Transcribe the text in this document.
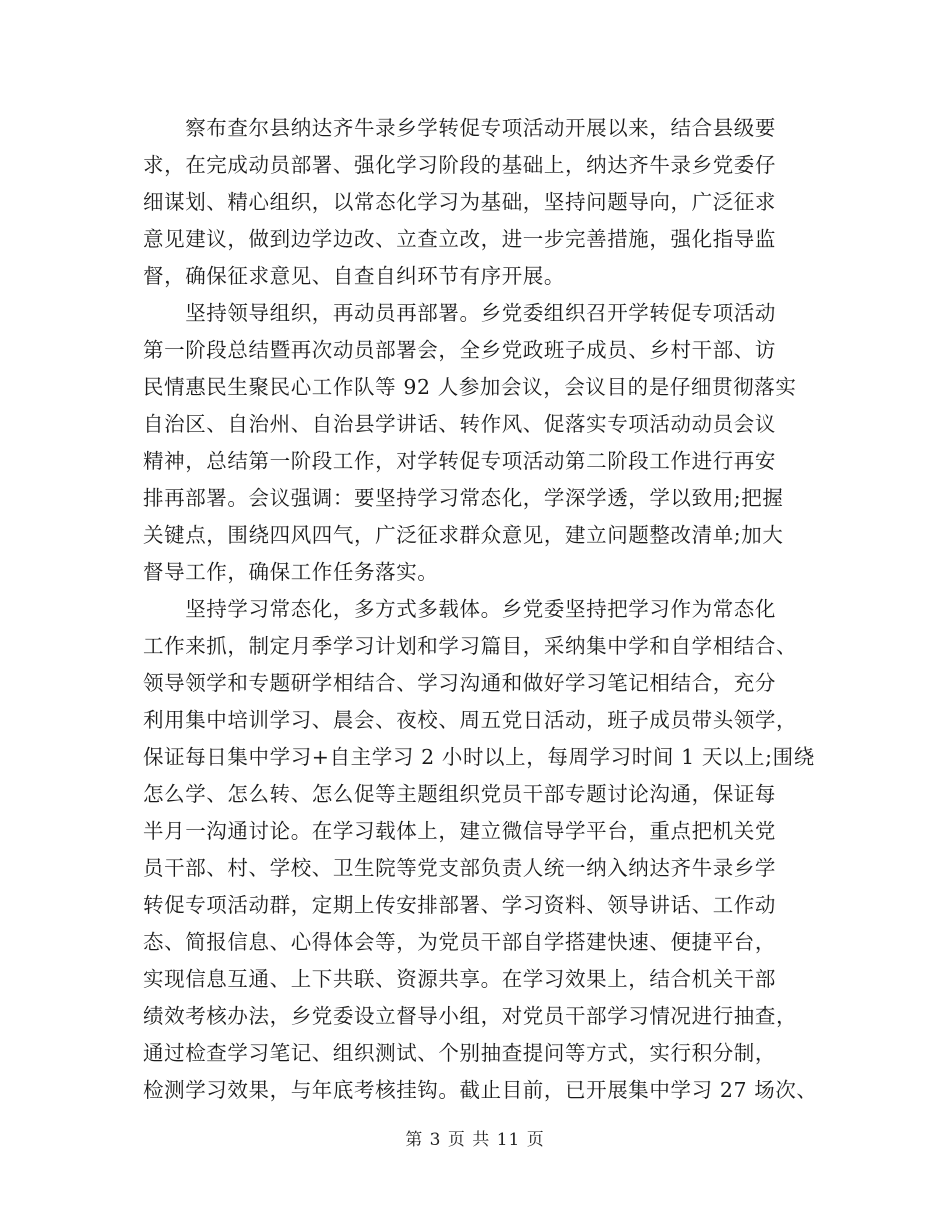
　　察布查尔县纳达齐牛录乡学转促专项活动开展以来，结合县级要
求，在完成动员部署、强化学习阶段的基础上，纳达齐牛录乡党委仔
细谋划、精心组织，以常态化学习为基础，坚持问题导向，广泛征求
意见建议，做到边学边改、立查立改，进一步完善措施，强化指导监
督，确保征求意见、自查自纠环节有序开展。
　　坚持领导组织，再动员再部署。乡党委组织召开学转促专项活动
第一阶段总结暨再次动员部署会，全乡党政班子成员、乡村干部、访
民情惠民生聚民心工作队等 92 人参加会议，会议目的是仔细贯彻落实
自治区、自治州、自治县学讲话、转作风、促落实专项活动动员会议
精神，总结第一阶段工作，对学转促专项活动第二阶段工作进行再安
排再部署。会议强调：要坚持学习常态化，学深学透，学以致用;把握
关键点，围绕四风四气，广泛征求群众意见，建立问题整改清单;加大
督导工作，确保工作任务落实。
　　坚持学习常态化，多方式多载体。乡党委坚持把学习作为常态化
工作来抓，制定月季学习计划和学习篇目，采纳集中学和自学相结合、
领导领学和专题研学相结合、学习沟通和做好学习笔记相结合，充分
利用集中培训学习、晨会、夜校、周五党日活动，班子成员带头领学，
保证每日集中学习+自主学习 2 小时以上，每周学习时间 1 天以上;围绕
怎么学、怎么转、怎么促等主题组织党员干部专题讨论沟通，保证每
半月一沟通讨论。在学习载体上，建立微信导学平台，重点把机关党
员干部、村、学校、卫生院等党支部负责人统一纳入纳达齐牛录乡学
转促专项活动群，定期上传安排部署、学习资料、领导讲话、工作动
态、简报信息、心得体会等，为党员干部自学搭建快速、便捷平台，
实现信息互通、上下共联、资源共享。在学习效果上，结合机关干部
绩效考核办法，乡党委设立督导小组，对党员干部学习情况进行抽查，
通过检查学习笔记、组织测试、个别抽查提问等方式，实行积分制，
检测学习效果，与年底考核挂钩。截止目前，已开展集中学习 27 场次、
第 3 页 共 11 页
